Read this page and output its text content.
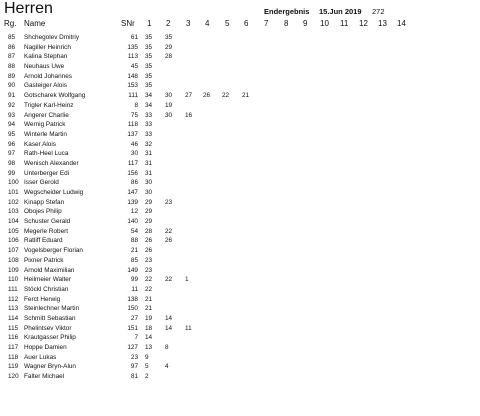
Herren	Endergebnis 15.Jun 2019 272
Rg. Name	SNr 1 2 3 4 5 6 7 8 9 10 11 12 13 14
85 Shchegolev Dmitriy	61 35 35
86 Nagiller Heinrich	135 35 29
87 Kalina Stephan	113 35 28
88 Neuhaus Uwe	45 35
89 Arnold Johannes	148 35
90 Gasteiger Alois	153 35
91 Gotscharek Wolfgang	111 34 30 27 26 22 21
92 Trigler Karl-Heinz	8 34 19
93 Angerer Charlie	75 33 30 16
94 Wernig Patrick	118 33
95 Winterle Martin	137 33
96 Kaser Alois	46 32
97 Rath-Heel Luca	30 31
98 Wenisch Alexander	117 31
99 Unterberger Edi	156 31
100 Isser Gerold	86 30
101 Wegscheider Ludwig	147 30
102 Kinapp Stefan	139 29 23
103 Obojes Philip	12 29
104 Schuster Gerald	140 29
105 Megerle Robert	54 28 22
106 Ratliff Eduard	88 26 26
107 Vogelsberger Florian	21 26
108 Pixner Patrick	85 23
109 Arnold Maximilian	149 23
110 Heilmeier Walter	99 22 22 1
111 Stöckl Christian	11 22
112 Ferct Herwig	138 21
113 Steinlechner Martin	150 21
114 Schmitt Sebastian	27 19 14
115 Phelintsev Viktor	151 18 14 11
116 Krautgasser Philip	7 14
117 Hoppe Damien	127 13 8
118 Auer Lukas	23 9
119 Wagner Bryn-Alun	97 5	4
120 Falter Michael	81 2
